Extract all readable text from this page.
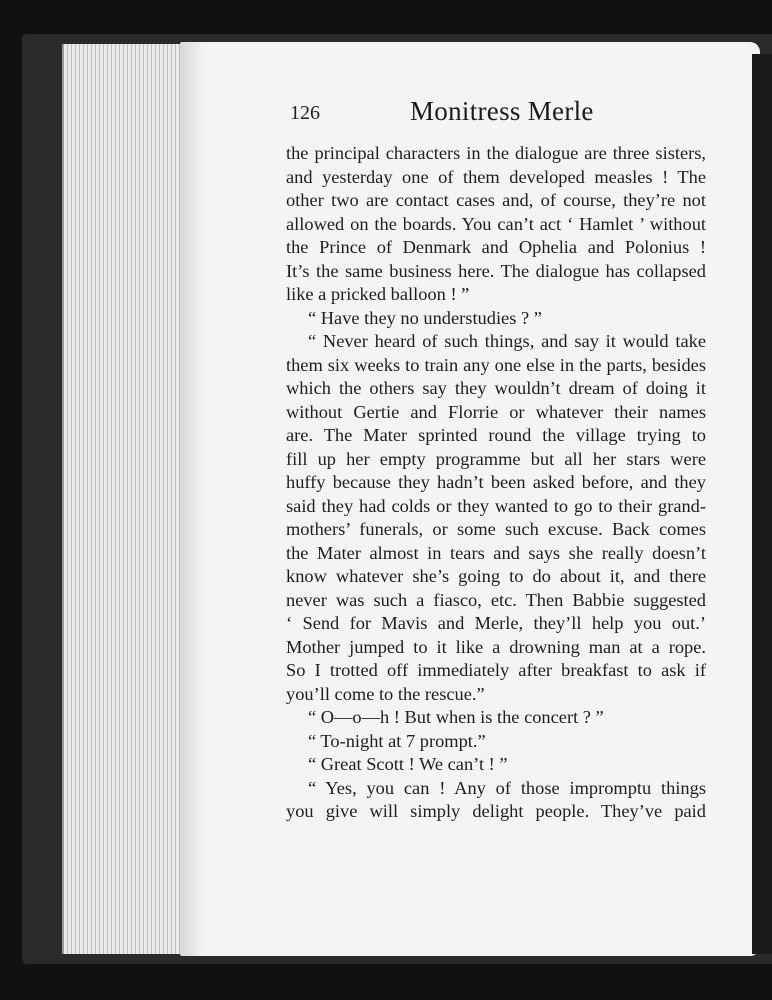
126	Monitress Merle
the principal characters in the dialogue are three sisters,
and yesterday one of them developed measles ! The
other two are contact cases and, of course, they’re not
allowed on the boards. You can’t act ‘ Hamlet ’ without
the Prince of Denmark and Ophelia and Polonius !
It’s the same business here. The dialogue has collapsed
like a pricked balloon ! ”
“ Have they no understudies ? ”
“ Never heard of such things, and say it would take
them six weeks to train any one else in the parts, besides
which the others say they wouldn’t dream of doing it
without Gertie and Florrie or whatever their names
are. The Mater sprinted round the village trying to
fill up her empty programme but all her stars were
huffy because they hadn’t been asked before, and they
said they had colds or they wanted to go to their grand-
mothers’ funerals, or some such excuse. Back comes
the Mater almost in tears and says she really doesn’t
know whatever she’s going to do about it, and there
never was such a fiasco, etc. Then Babbie suggested
‘ Send for Mavis and Merle, they’ll help you out.’
Mother jumped to it like a drowning man at a rope.
So I trotted off immediately after breakfast to ask if
you’ll come to the rescue.”
“ O—o—h ! But when is the concert ? ”
“ To-night at 7 prompt.”
“ Great Scott ! We can’t ! ”
“ Yes, you can ! Any of those impromptu things
you give will simply delight people. They’ve paid
